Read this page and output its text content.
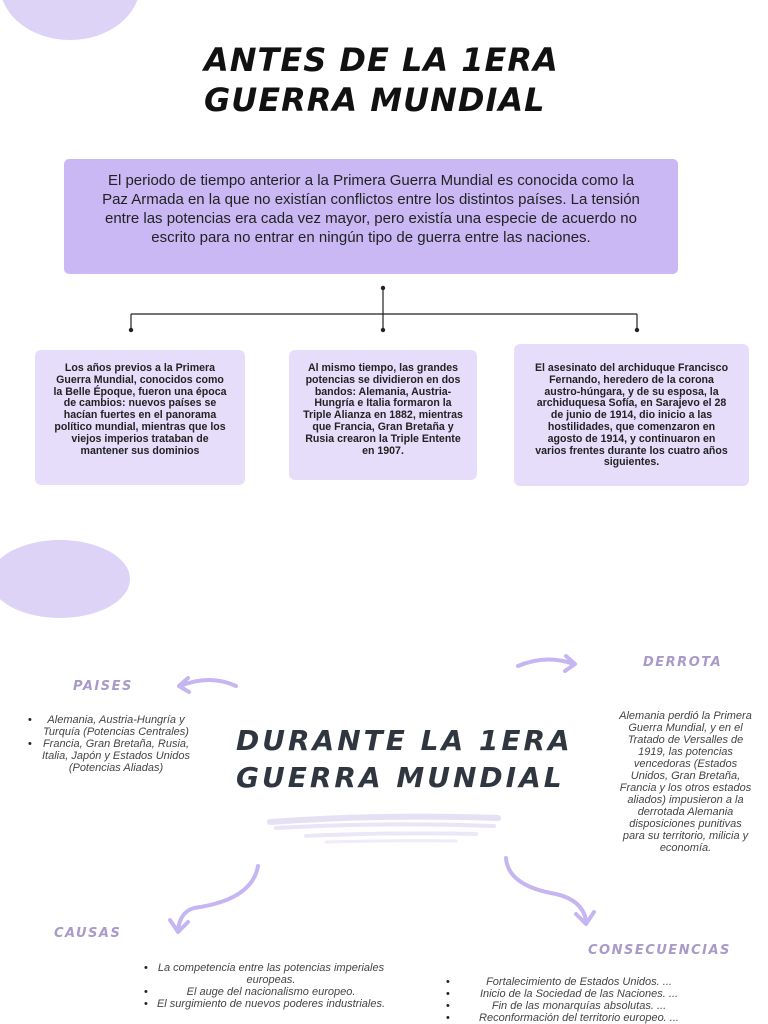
ANTES DE LA 1ERA
GUERRA MUNDIAL
El periodo de tiempo anterior a la Primera Guerra Mundial es conocida como la Paz Armada en la que no existían conflictos entre los distintos países. La tensión entre las potencias era cada vez mayor, pero existía una especie de acuerdo no escrito para no entrar en ningún tipo de guerra entre las naciones.
Los años previos a la Primera Guerra Mundial, conocidos como la Belle Époque, fueron una época de cambios: nuevos países se hacían fuertes en el panorama político mundial, mientras que los viejos imperios trataban de mantener sus dominios
Al mismo tiempo, las grandes potencias se dividieron en dos bandos: Alemania, Austria-Hungría e Italia formaron la Triple Alianza en 1882, mientras que Francia, Gran Bretaña y Rusia crearon la Triple Entente en 1907.
El asesinato del archiduque Francisco Fernando, heredero de la corona austro-húngara, y de su esposa, la archiduquesa Sofía, en Sarajevo el 28 de junio de 1914, dio inicio a las hostilidades, que comenzaron en agosto de 1914, y continuaron en varios frentes durante los cuatro años siguientes.
DURANTE LA 1ERA
GUERRA MUNDIAL
PAISES
• Alemania, Austria-Hungría y Turquía (Potencias Centrales)
• Francia, Gran Bretaña, Rusia, Italia, Japón y Estados Unidos (Potencias Aliadas)
DERROTA
Alemania perdió la Primera Guerra Mundial, y en el Tratado de Versalles de 1919, las potencias vencedoras (Estados Unidos, Gran Bretaña, Francia y los otros estados aliados) impusieron a la derrotada Alemania disposiciones punitivas para su territorio, milicia y economía.
CAUSAS
• La competencia entre las potencias imperiales europeas.
• El auge del nacionalismo europeo.
• El surgimiento de nuevos poderes industriales.
CONSECUENCIAS
• Fortalecimiento de Estados Unidos. ...
• Inicio de la Sociedad de las Naciones. ...
• Fin de las monarquías absolutas. ...
• Reconformación del territorio europeo. ...
